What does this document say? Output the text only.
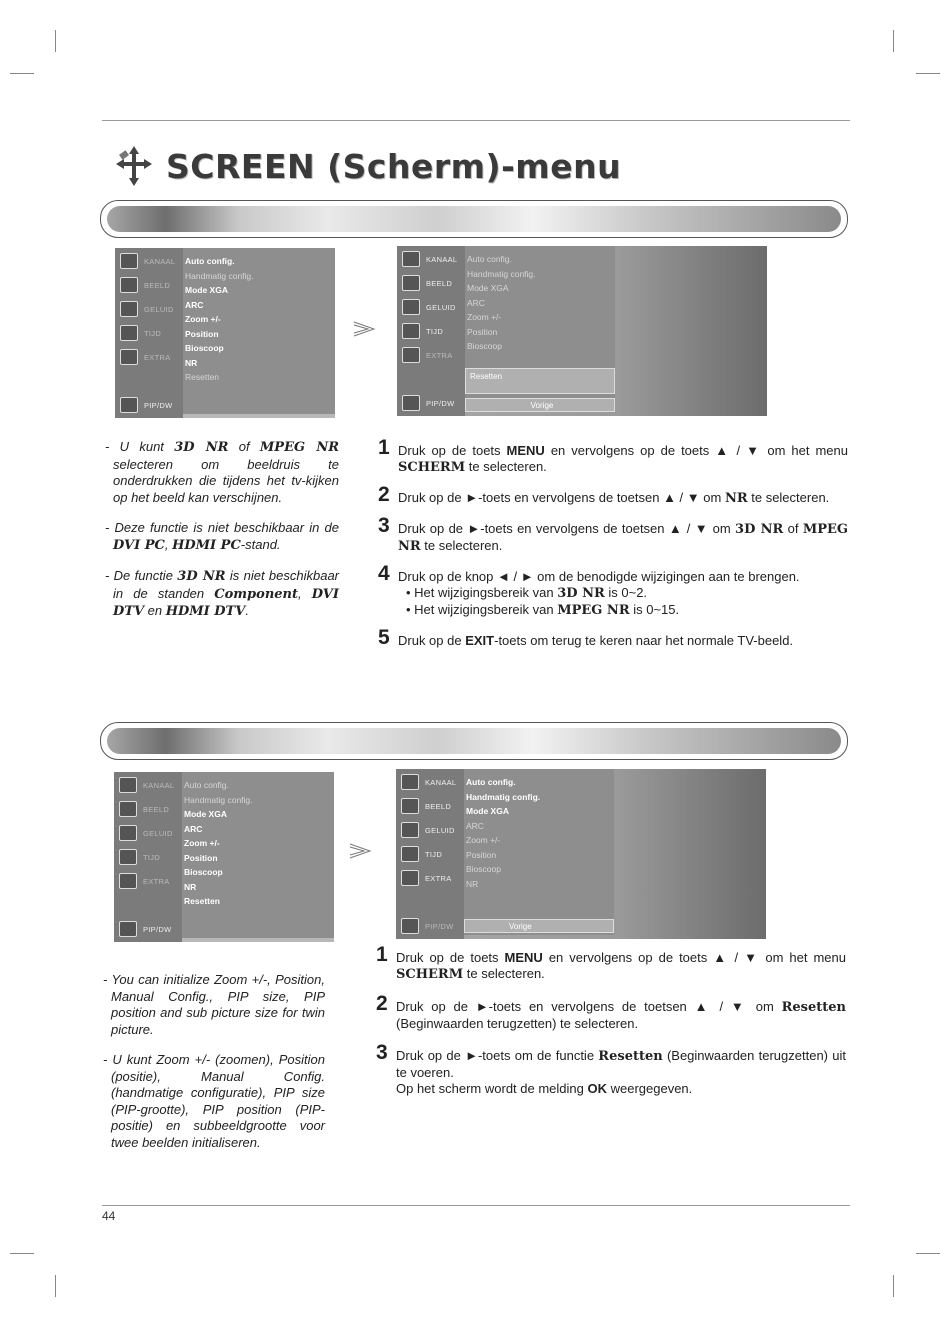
SCREEN (Scherm)-menu
KANAAL
BEELD
GELUID
TIJD
EXTRA
PIP/DW
Auto config.
Handmatig config.
Mode XGA
ARC
Zoom +/-
Position
Bioscoop
NR
Resetten
KANAAL
BEELD
GELUID
TIJD
EXTRA
PIP/DW
Auto config.
Handmatig config.
Mode XGA
ARC
Zoom +/-
Position
Bioscoop
Resetten
Vorige

- U kunt 3D NR of MPEG NR selecteren om beeldruis te onderdrukken die tijdens het tv-kijken op het beeld kan verschijnen.

- Deze functie is niet beschikbaar in de DVI PC, HDMI PC-stand.

- De functie 3D NR is niet beschikbaar in de standen Component, DVI DTV en HDMI DTV.

1 Druk op de toets MENU en vervolgens op de toets ▲ / ▼ om het menu SCHERM te selecteren.
2 Druk op de ►-toets en vervolgens de toetsen ▲ / ▼ om NR te selecteren.
3 Druk op de ►-toets en vervolgens de toetsen ▲ / ▼ om 3D NR of MPEG NR te selecteren.
4 Druk op de knop ◄ / ► om de benodigde wijzigingen aan te brengen.
• Het wijzigingsbereik van 3D NR is 0~2.
• Het wijzigingsbereik van MPEG NR is 0~15.
5 Druk op de EXIT-toets om terug te keren naar het normale TV-beeld.
KANAAL
BEELD
GELUID
TIJD
EXTRA
PIP/DW
Auto config.
Handmatig config.
Mode XGA
ARC
Zoom +/-
Position
Bioscoop
NR
Resetten
KANAAL
BEELD
GELUID
TIJD
EXTRA
PIP/DW
Auto config.
Handmatig config.
Mode XGA
ARC
Zoom +/-
Position
Bioscoop
NR
Vorige

- You can initialize Zoom +/-, Position, Manual Config., PIP size, PIP position and sub picture size for twin picture.

- U kunt Zoom +/- (zoomen), Position (positie), Manual Config. (handmatige configuratie), PIP size (PIP-grootte), PIP position (PIP-positie) en subbeeldgrootte voor twee beelden initialiseren.

1 Druk op de toets MENU en vervolgens op de toets ▲ / ▼ om het menu SCHERM te selecteren.
2 Druk op de ►-toets en vervolgens de toetsen ▲ / ▼ om Resetten (Beginwaarden terugzetten) te selecteren.
3 Druk op de ►-toets om de functie Resetten (Beginwaarden terugzetten) uit te voeren.
Op het scherm wordt de melding OK weergegeven.
44
